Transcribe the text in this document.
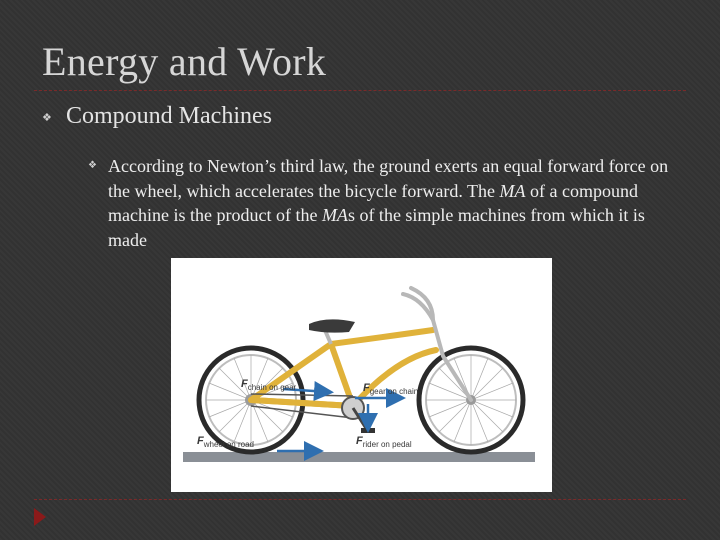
Energy and Work
❖ Compound Machines
❖ According to Newton’s third law, the ground exerts an equal forward force on the wheel, which accelerates the bicycle forward. The MA of a compound machine is the product of the MAs of the simple machines from which it is made
Fchain on gear	Fgear on chain
Fwheel on road	Frider on pedal
